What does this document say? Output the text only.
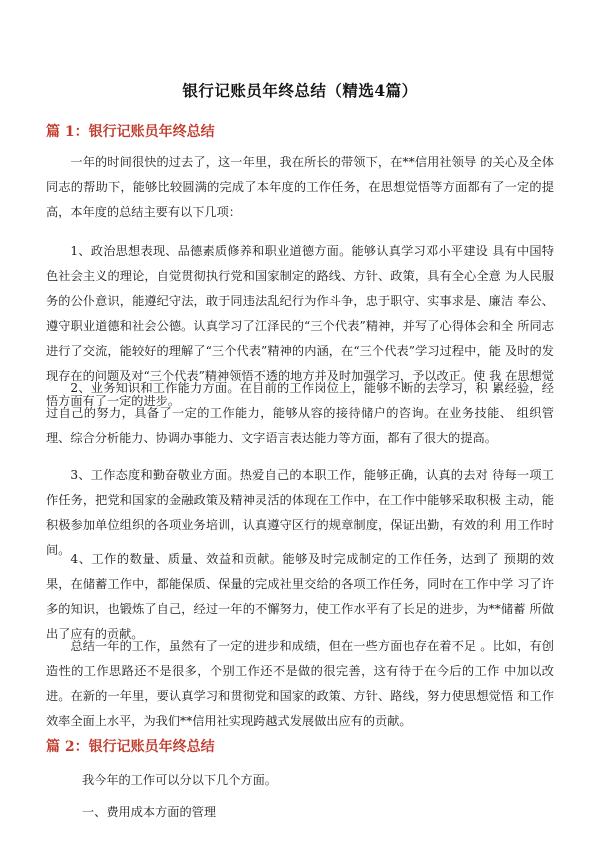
银行记账员年终总结（精选4篇）
篇 1：银行记账员年终总结
一年的时间很快的过去了，这一年里，我在所长的带领下，在**信用社领导 的关心及全体同志的帮助下，能够比较圆满的完成了本年度的工作任务，在思想觉悟等方面都有了一定的提高，本年度的总结主要有以下几项：
1、政治思想表现、品德素质修养和职业道德方面。能够认真学习邓小平建设 具有中国特色社会主义的理论，自觉贯彻执行党和国家制定的路线、方针、政策，具有全心全意 为人民服务的公仆意识，能遵纪守法，敢于同违法乱纪行为作斗争，忠于职守、实事求是、廉洁 奉公、遵守职业道德和社会公德。认真学习了江泽民的“三个代表”精神，并写了心得体会和全 所同志进行了交流，能较好的理解了“三个代表”精神的内涵，在“三个代表”学习过程中，能 及时的发现存在的问题及对“三个代表”精神领悟不透的地方并及时加强学习，予以改正。使 我 在思想觉悟方面有了一定的进步。
2、业务知识和工作能力方面。在目前的工作岗位上，能够不断的去学习，积 累经验，经过自己的努力，具备了一定的工作能力，能够从容的接待储户的咨询。在业务技能、 组织管理、综合分析能力、协调办事能力、文字语言表达能力等方面，都有了很大的提高。
3、工作态度和勤奋敬业方面。热爱自己的本职工作，能够正确，认真的去对 待每一项工作任务，把党和国家的金融政策及精神灵活的体现在工作中，在工作中能够采取积极 主动，能积极参加单位组织的各项业务培训，认真遵守区行的规章制度，保证出勤，有效的利 用工作时间。
4、工作的数量、质量、效益和贡献。能够及时完成制定的工作任务，达到了 预期的效果，在储蓄工作中，都能保质、保量的完成社里交给的各项工作任务，同时在工作中学 习了许多的知识，也锻炼了自己，经过一年的不懈努力，使工作水平有了长足的进步，为**储蓄 所做出了应有的贡献。
总结一年的工作，虽然有了一定的进步和成绩，但在一些方面也存在着不足 。比如，有创造性的工作思路还不是很多，个别工作还不是做的很完善，这有待于在今后的工作 中加以改进。在新的一年里，要认真学习和贯彻党和国家的政策、方针、路线，努力使思想觉悟 和工作效率全面上水平，为我们**信用社实现跨越式发展做出应有的贡献。
篇 2：银行记账员年终总结
我今年的工作可以分以下几个方面。
一、费用成本方面的管理
